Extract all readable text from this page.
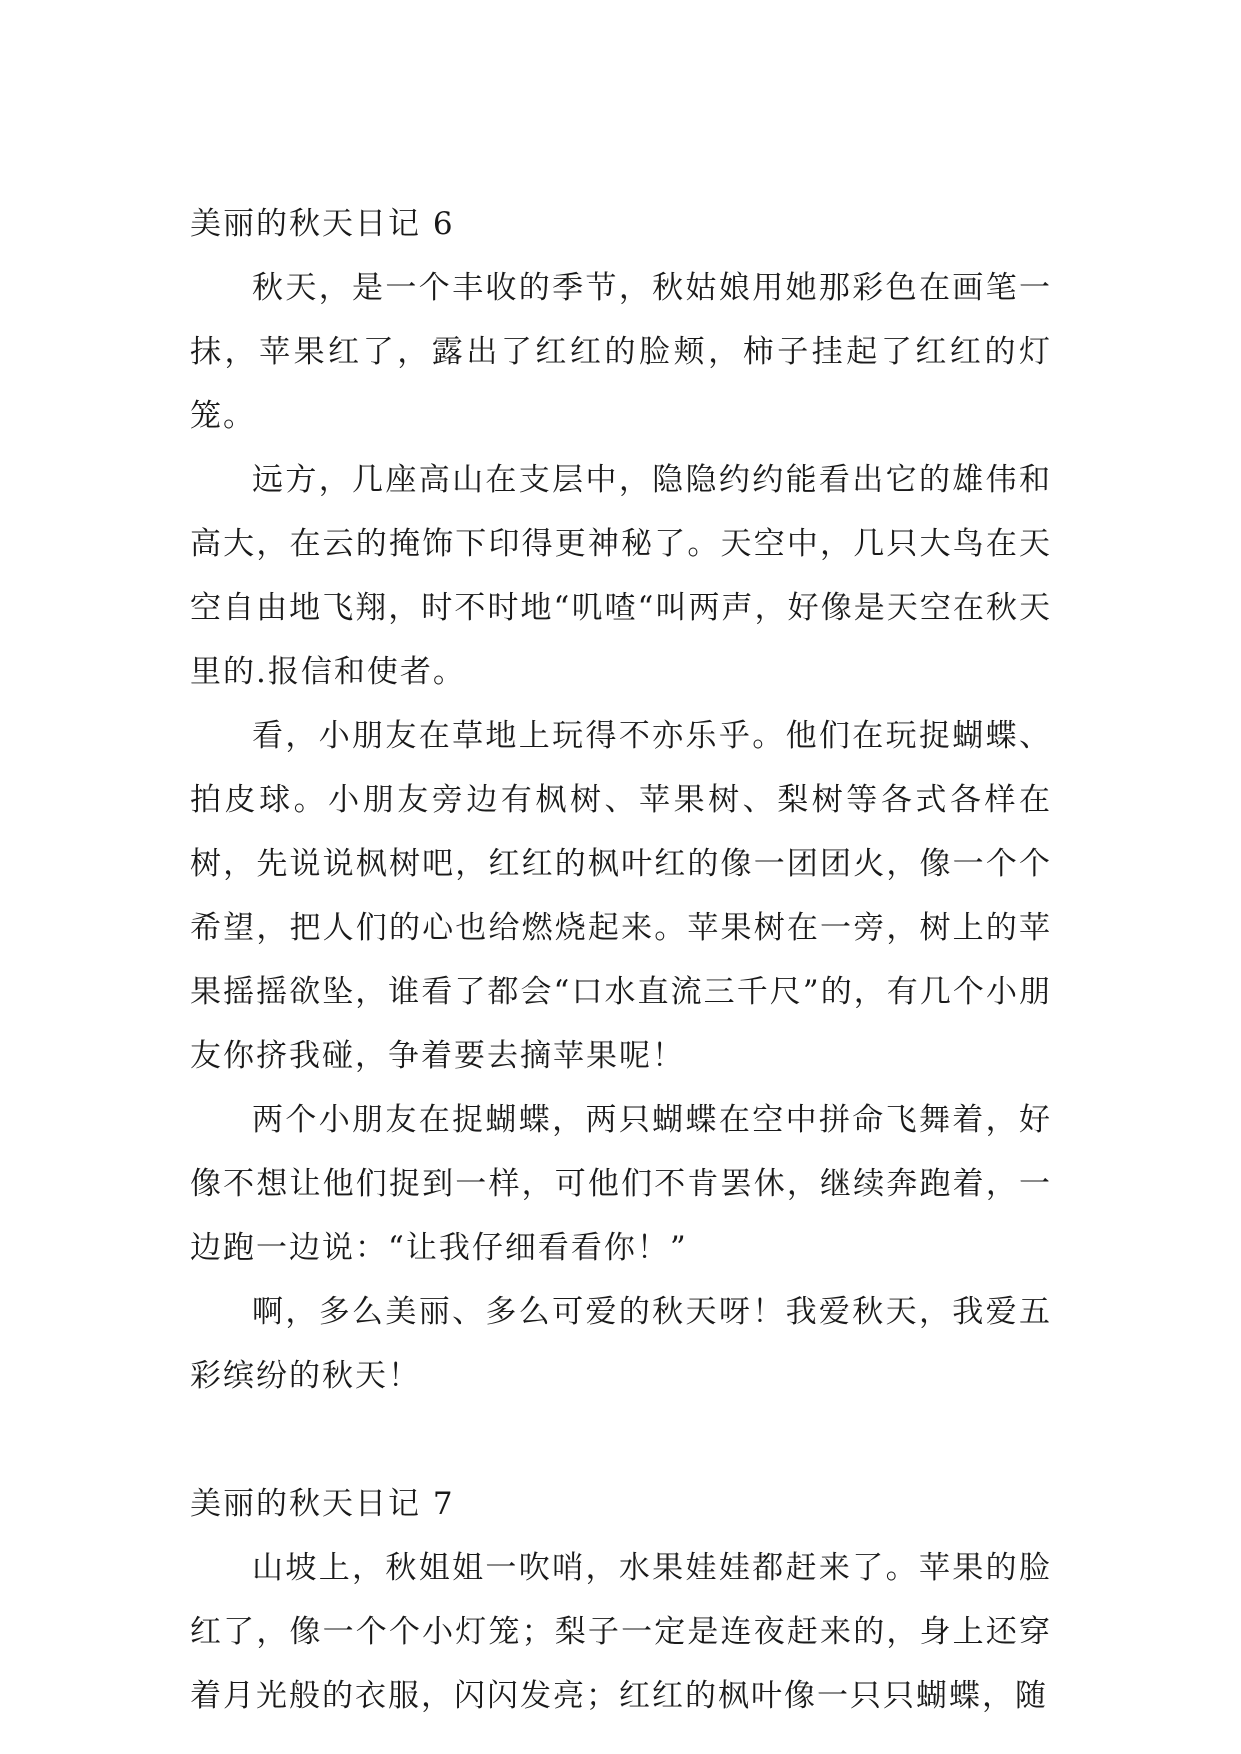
美丽的秋天日记 6

秋天，是一个丰收的季节，秋姑娘用她那彩色在画笔一抹，苹果红了，露出了红红的脸颊，柿子挂起了红红的灯笼。

远方，几座高山在支层中，隐隐约约能看出它的雄伟和高大，在云的掩饰下印得更神秘了。天空中，几只大鸟在天空自由地飞翔，时不时地“叽喳“叫两声，好像是天空在秋天里的.报信和使者。

看，小朋友在草地上玩得不亦乐乎。他们在玩捉蝴蝶、拍皮球。小朋友旁边有枫树、苹果树、梨树等各式各样在树，先说说枫树吧，红红的枫叶红的像一团团火，像一个个希望，把人们的心也给燃烧起来。苹果树在一旁，树上的苹果摇摇欲坠，谁看了都会“口水直流三千尺”的，有几个小朋友你挤我碰，争着要去摘苹果呢！

两个小朋友在捉蝴蝶，两只蝴蝶在空中拼命飞舞着，好像不想让他们捉到一样，可他们不肯罢休，继续奔跑着，一边跑一边说：“让我仔细看看你！”

啊，多么美丽、多么可爱的秋天呀！我爱秋天，我爱五彩缤纷的秋天！

美丽的秋天日记 7

山坡上，秋姐姐一吹哨，水果娃娃都赶来了。苹果的脸红了，像一个个小灯笼；梨子一定是连夜赶来的，身上还穿着月光般的衣服，闪闪发亮；红红的枫叶像一只只蝴蝶，随
